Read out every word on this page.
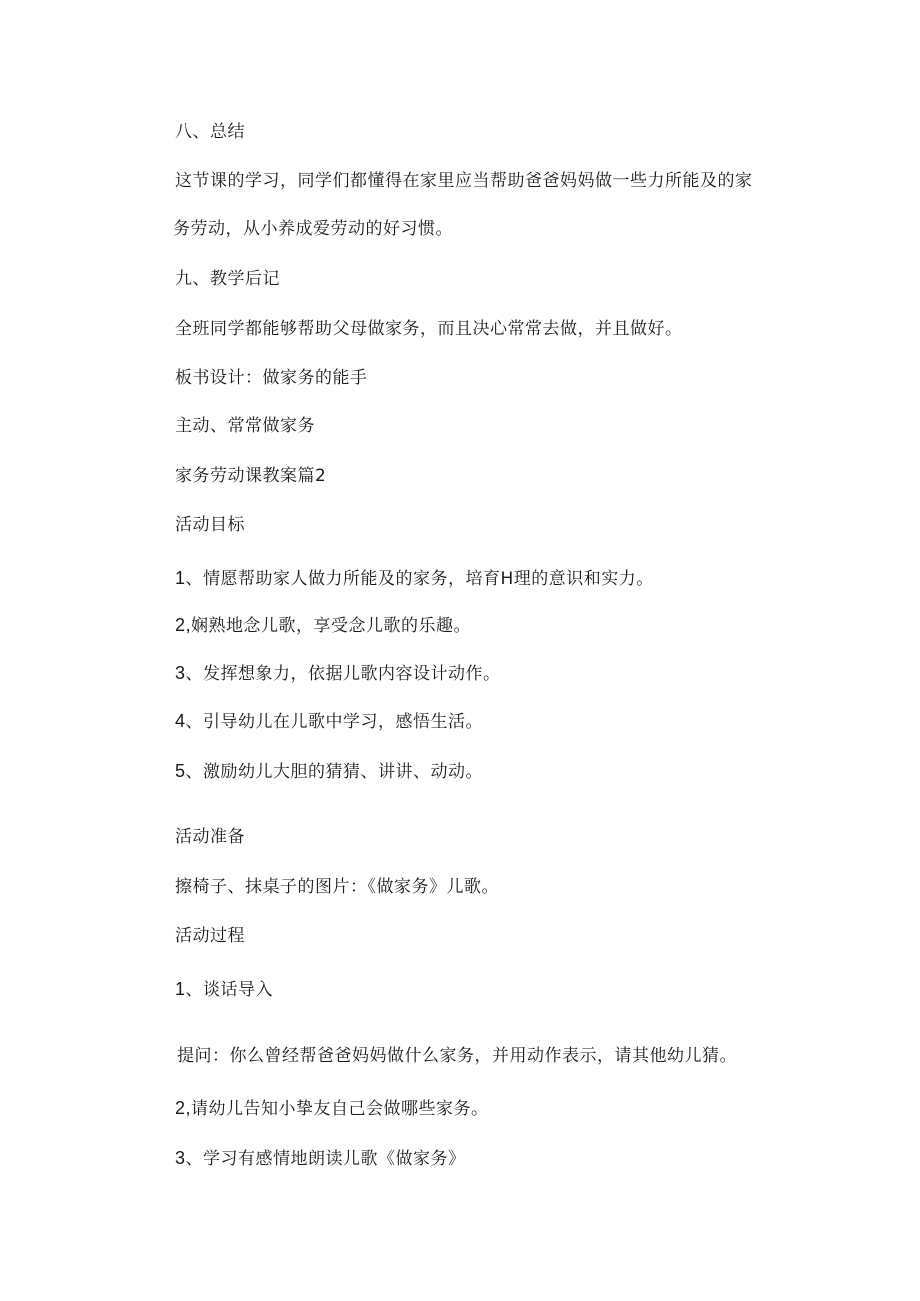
八、总结
这节课的学习，同学们都懂得在家里应当帮助爸爸妈妈做一些力所能及的家
务劳动，从小养成爱劳动的好习惯。
九、教学后记
全班同学都能够帮助父母做家务，而且决心常常去做，并且做好。
板书设计：做家务的能手
主动、常常做家务
家务劳动课教案篇2
活动目标
1、情愿帮助家人做力所能及的家务，培育H理的意识和实力。
2,娴熟地念儿歌，享受念儿歌的乐趣。
3、发挥想象力，依据儿歌内容设计动作。
4、引导幼儿在儿歌中学习，感悟生活。
5、激励幼儿大胆的猜猜、讲讲、动动。
活动准备
擦椅子、抹桌子的图片：《做家务》儿歌。
活动过程
1、谈话导入
提问：你么曾经帮爸爸妈妈做什么家务，并用动作表示，请其他幼儿猜。
2,请幼儿告知小挚友自己会做哪些家务。
3、学习有感情地朗读儿歌《做家务》
